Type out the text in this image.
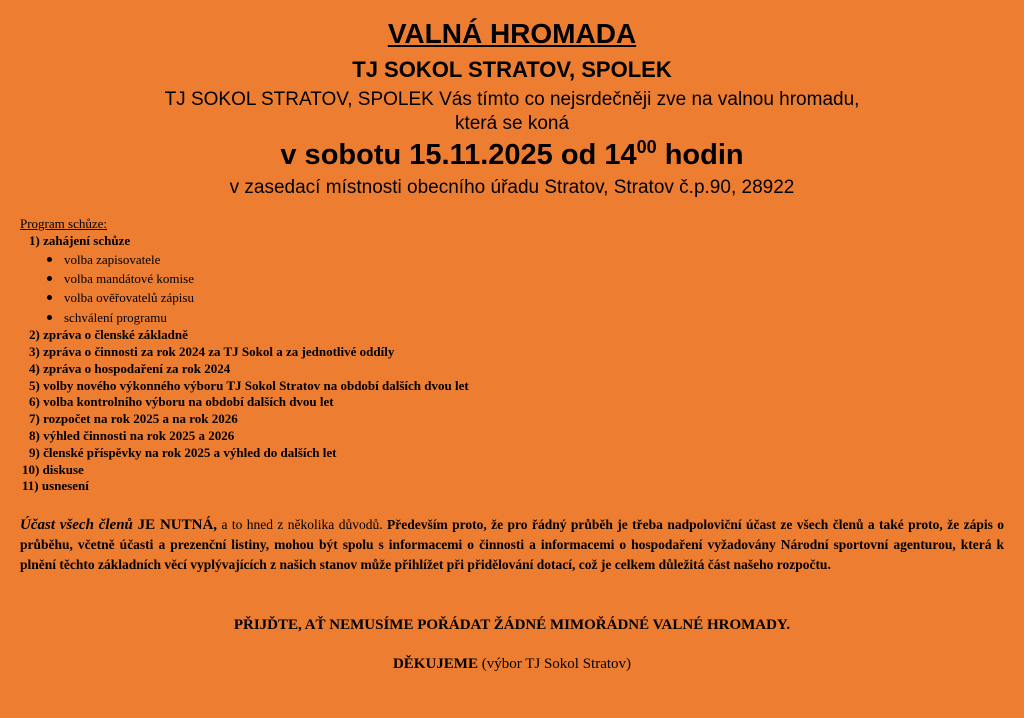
VALNÁ HROMADA
TJ SOKOL STRATOV, SPOLEK
TJ SOKOL STRATOV, SPOLEK Vás tímto co nejsrdečněji zve na valnou hromadu,
která se koná
v sobotu 15.11.2025 od $14^{00}$ hodin
v zasedací místnosti obecního úřadu Stratov, Stratov č.p.90, 28922
Program schůze:
1) zahájení schůze
volba zapisovatele
volba mandátové komise
volba ověřovatelů zápisu
schválení programu
2) zpráva o členské základně
3) zpráva o činnosti za rok 2024 za TJ Sokol a za jednotlivé oddíly
4) zpráva o hospodaření za rok 2024
5) volby nového výkonného výboru TJ Sokol Stratov na období dalších dvou let
6) volba kontrolního výboru na období dalších dvou let
7) rozpočet na rok 2025 a na rok 2026
8) výhled činnosti na rok 2025 a 2026
9) členské příspěvky na rok 2025 a výhled do dalších let
10) diskuse
11) usnesení
Účast všech členů JE NUTNÁ, a to hned z několika důvodů. Především proto, že pro řádný průběh je třeba nadpoloviční účast ze všech členů a také proto, že zápis o průběhu, včetně účasti a prezenční listiny, mohou být spolu s informacemi o činnosti a informacemi o hospodaření vyžadovány Národní sportovní agenturou, která k plnění těchto základních věcí vyplývajících z našich stanov může přihlížet při přidělování dotací, což je celkem důležitá část našeho rozpočtu.
PŘIJĎTE, AŤ NEMUSÍME POŘÁDAT ŽÁDNÉ MIMOŘÁDNÉ VALNÉ HROMADY.
DĚKUJEME (výbor TJ Sokol Stratov)
